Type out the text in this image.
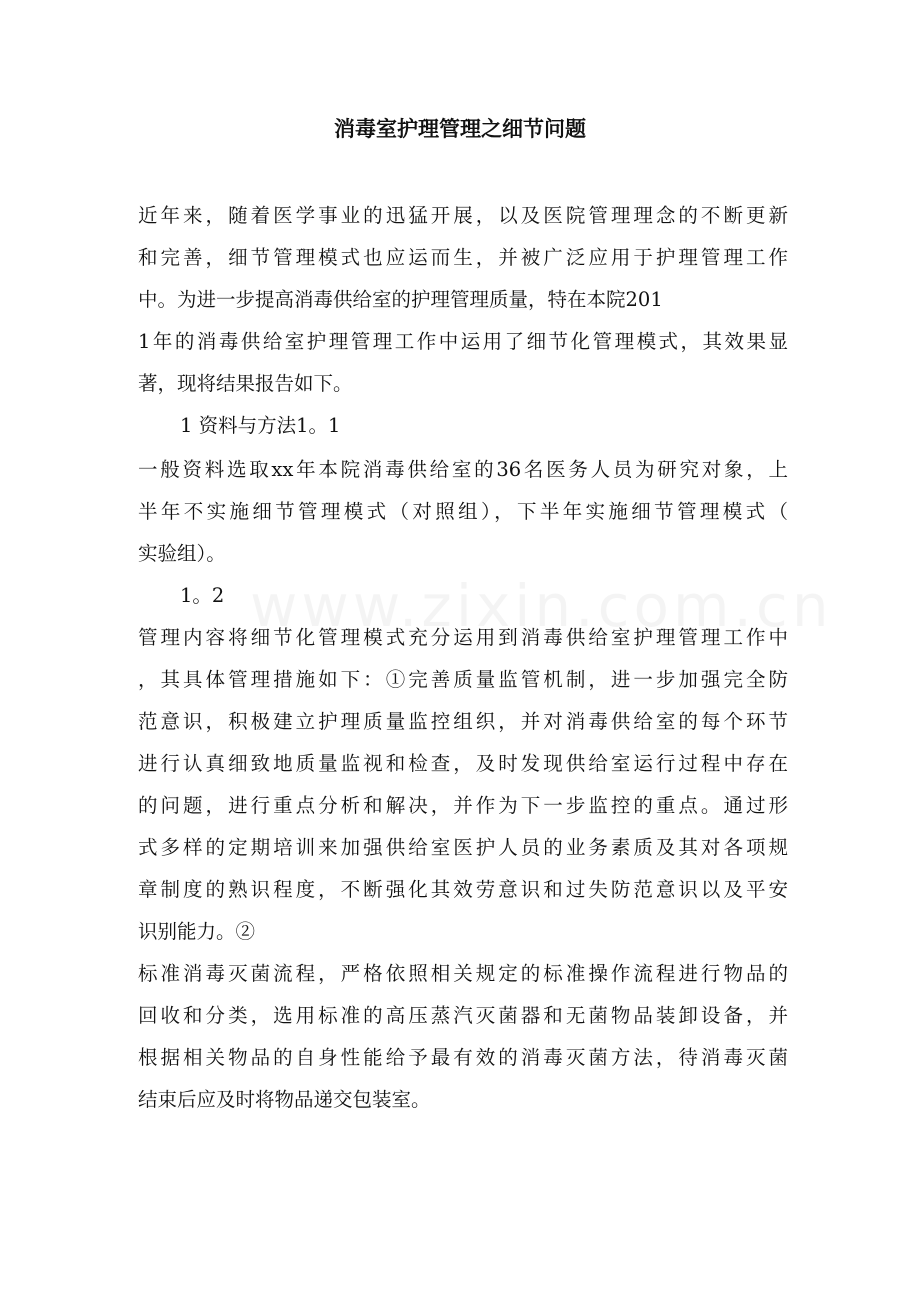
消毒室护理管理之细节问题
近年来，随着医学事业的迅猛开展，以及医院管理理念的不断更新
和完善，细节管理模式也应运而生，并被广泛应用于护理管理工作
中。为进一步提高消毒供给室的护理管理质量，特在本院201
1年的消毒供给室护理管理工作中运用了细节化管理模式，其效果显
著，现将结果报告如下。
1 资料与方法1。1
一般资料选取xx年本院消毒供给室的36名医务人员为研究对象，上
半年不实施细节管理模式（对照组），下半年实施细节管理模式（
实验组）。
1。2
管理内容将细节化管理模式充分运用到消毒供给室护理管理工作中
，其具体管理措施如下：①完善质量监管机制，进一步加强完全防
范意识，积极建立护理质量监控组织，并对消毒供给室的每个环节
进行认真细致地质量监视和检查，及时发现供给室运行过程中存在
的问题，进行重点分析和解决，并作为下一步监控的重点。通过形
式多样的定期培训来加强供给室医护人员的业务素质及其对各项规
章制度的熟识程度，不断强化其效劳意识和过失防范意识以及平安
识别能力。②
标准消毒灭菌流程，严格依照相关规定的标准操作流程进行物品的
回收和分类，选用标准的高压蒸汽灭菌器和无菌物品装卸设备，并
根据相关物品的自身性能给予最有效的消毒灭菌方法，待消毒灭菌
结束后应及时将物品递交包装室。
